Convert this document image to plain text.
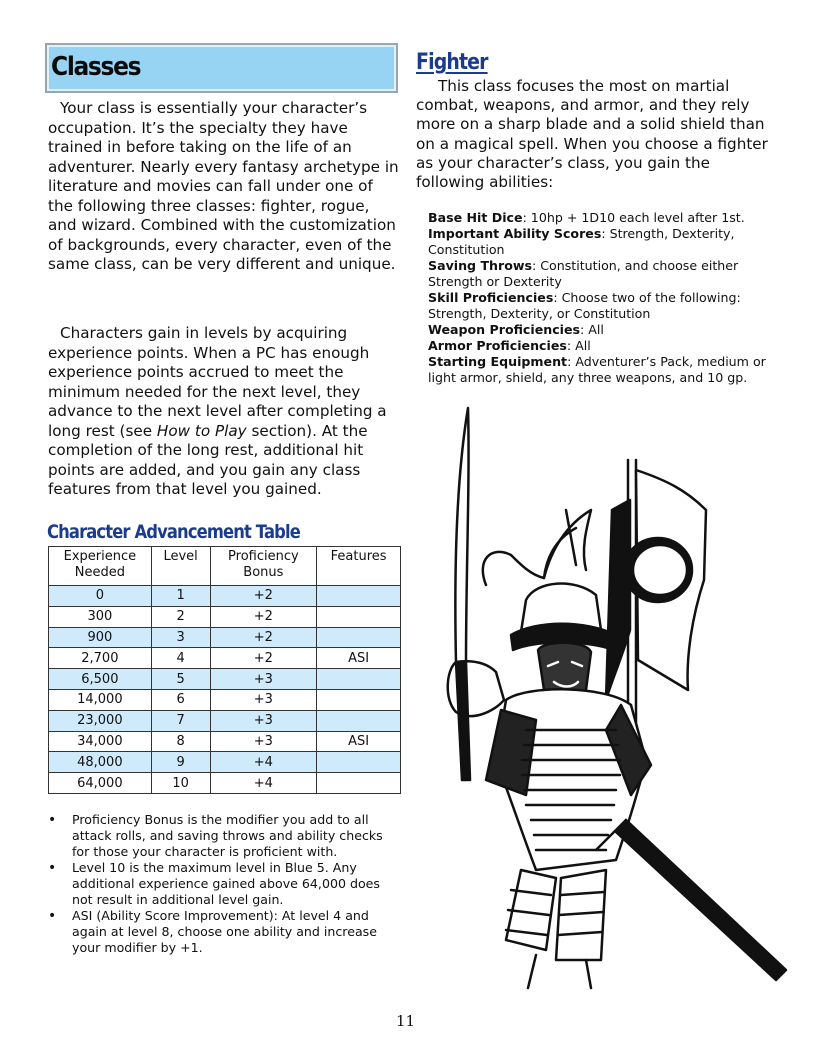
Classes

Your class is essentially your character’s occupation. It’s the specialty they have trained in before taking on the life of an adventurer. Nearly every fantasy archetype in literature and movies can fall under one of the following three classes: fighter, rogue, and wizard. Combined with the customization of backgrounds, every character, even of the same class, can be very different and unique.

Characters gain in levels by acquiring experience points. When a PC has enough experience points accrued to meet the minimum needed for the next level, they advance to the next level after completing a long rest (see How to Play section). At the completion of the long rest, additional hit points are added, and you gain any class features from that level you gained.

Character Advancement Table
Experience Needed	Level	Proficiency Bonus	Features
0	1	+2	
300	2	+2	
900	3	+2	
2,700	4	+2	ASI
6,500	5	+3	
14,000	6	+3	
23,000	7	+3	
34,000	8	+3	ASI
48,000	9	+4	
64,000	10	+4	
• Proficiency Bonus is the modifier you add to all attack rolls, and saving throws and ability checks for those your character is proficient with.
• Level 10 is the maximum level in Blue 5. Any additional experience gained above 64,000 does not result in additional level gain.
• ASI (Ability Score Improvement): At level 4 and again at level 8, choose one ability and increase your modifier by +1.
Fighter

This class focuses the most on martial combat, weapons, and armor, and they rely more on a sharp blade and a solid shield than on a magical spell. When you choose a fighter as your character’s class, you gain the following abilities:

Base Hit Dice: 10hp + 1D10 each level after 1st.

Important Ability Scores: Strength, Dexterity, Constitution

Saving Throws: Constitution, and choose either Strength or Dexterity

Skill Proficiencies: Choose two of the following: Strength, Dexterity, or Constitution

Weapon Proficiencies: All

Armor Proficiencies: All

Starting Equipment: Adventurer’s Pack, medium or light armor, shield, any three weapons, and 10 gp.

11
